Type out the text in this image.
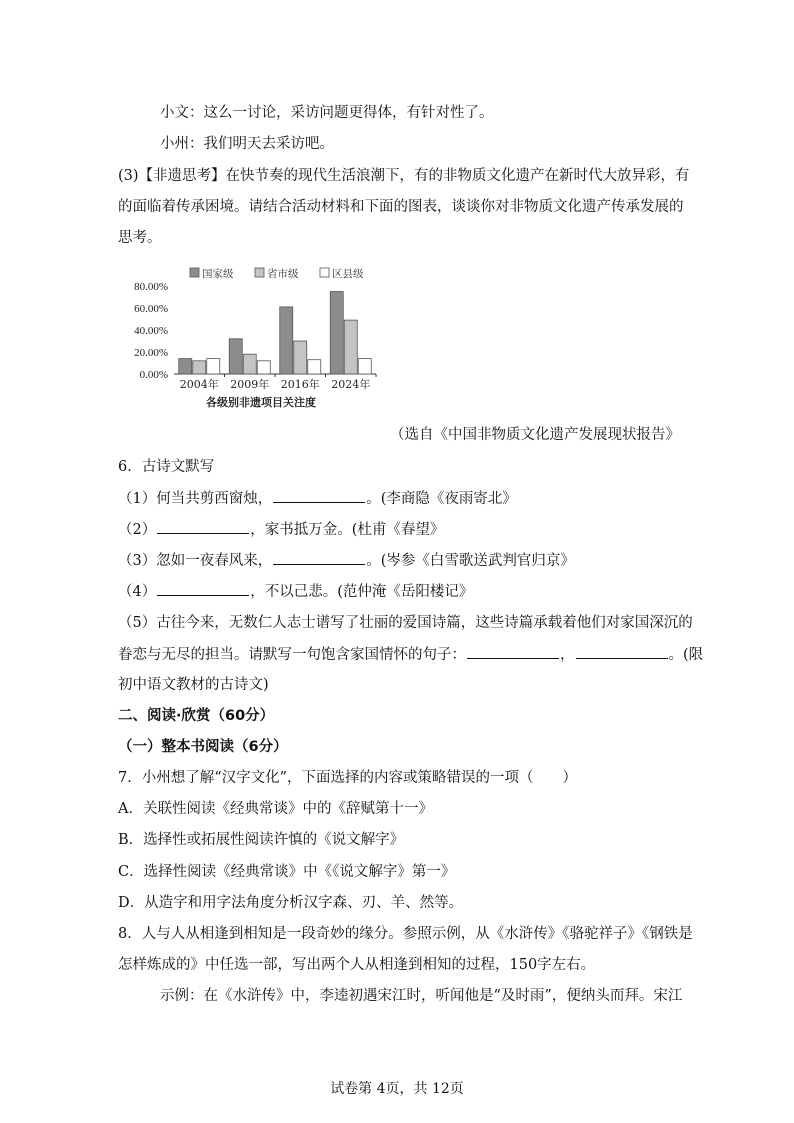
小文：这么一讨论，采访问题更得体，有针对性了。
小州：我们明天去采访吧。
(3)【非遗思考】在快节奏的现代生活浪潮下，有的非物质文化遗产在新时代大放异彩，有
的面临着传承困境。请结合活动材料和下面的图表，谈谈你对非物质文化遗产传承发展的
思考。
0.00%
20.00%
40.00%
60.00%
80.00%
国家级	省市级	区县级
2004年 2009年 2016年 2024年
各级别非遗项目关注度
（选自《中国非物质文化遗产发展现状报告》
6．古诗文默写
（1）何当共剪西窗烛，	。(李商隐《夜雨寄北》
（2）	，家书抵万金。(杜甫《春望》
（3）忽如一夜春风来，	。(岑参《白雪歌送武判官归京》
（4）	，不以己悲。(范仲淹《岳阳楼记》
（5）古往今来，无数仁人志士谱写了壮丽的爱国诗篇，这些诗篇承载着他们对家国深沉的
眷恋与无尽的担当。请默写一句饱含家国情怀的句子：	，	。(限
初中语文教材的古诗文)
二、阅读·欣赏（60分）
（一）整本书阅读（6分）
7．小州想了解“汉字文化”，下面选择的内容或策略错误的一项（　　）
A．关联性阅读《经典常谈》中的《辞赋第十一》
B．选择性或拓展性阅读许慎的《说文解字》
C．选择性阅读《经典常谈》中《《说文解字》第一》
D．从造字和用字法角度分析汉字森、刃、羊、然等。
8．人与人从相逢到相知是一段奇妙的缘分。参照示例，从《水浒传》《骆驼祥子》《钢铁是
怎样炼成的》中任选一部，写出两个人从相逢到相知的过程，150字左右。
示例：在《水浒传》中，李逵初遇宋江时，听闻他是“及时雨”，便纳头而拜。宋江
试卷第 4页，共 12页
